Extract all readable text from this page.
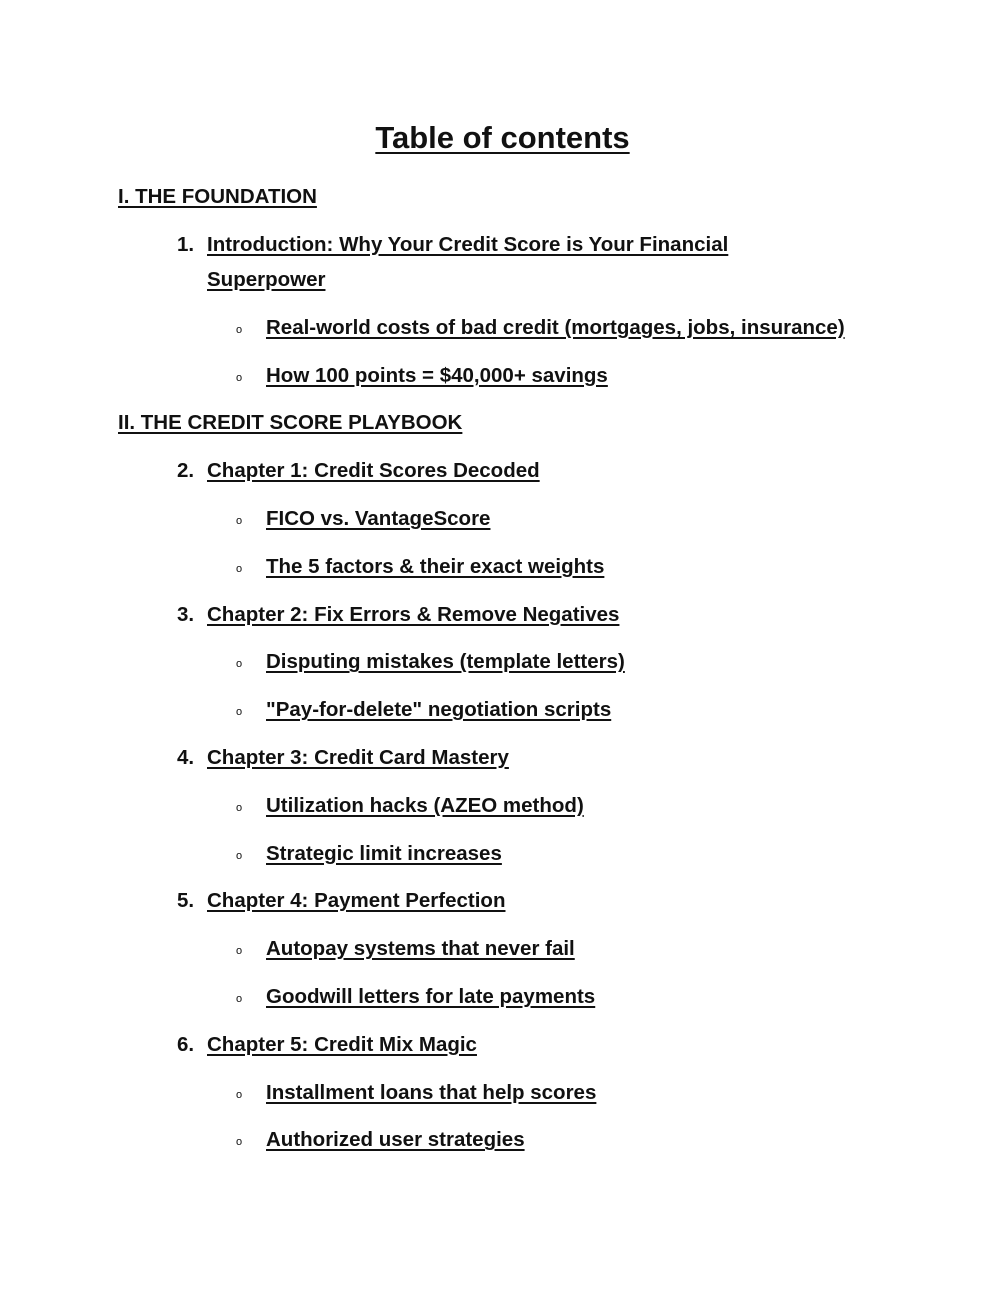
Table of contents
I. THE FOUNDATION
1. Introduction: Why Your Credit Score is Your Financial Superpower
o	Real-world costs of bad credit (mortgages, jobs, insurance)
o	How 100 points = $40,000+ savings
II. THE CREDIT SCORE PLAYBOOK
2. Chapter 1: Credit Scores Decoded
o	FICO vs. VantageScore
o	The 5 factors & their exact weights
3. Chapter 2: Fix Errors & Remove Negatives
o	Disputing mistakes (template letters)
o	"Pay-for-delete" negotiation scripts
4. Chapter 3: Credit Card Mastery
o	Utilization hacks (AZEO method)
o	Strategic limit increases
5. Chapter 4: Payment Perfection
o	Autopay systems that never fail
o	Goodwill letters for late payments
6. Chapter 5: Credit Mix Magic
o	Installment loans that help scores
o	Authorized user strategies
